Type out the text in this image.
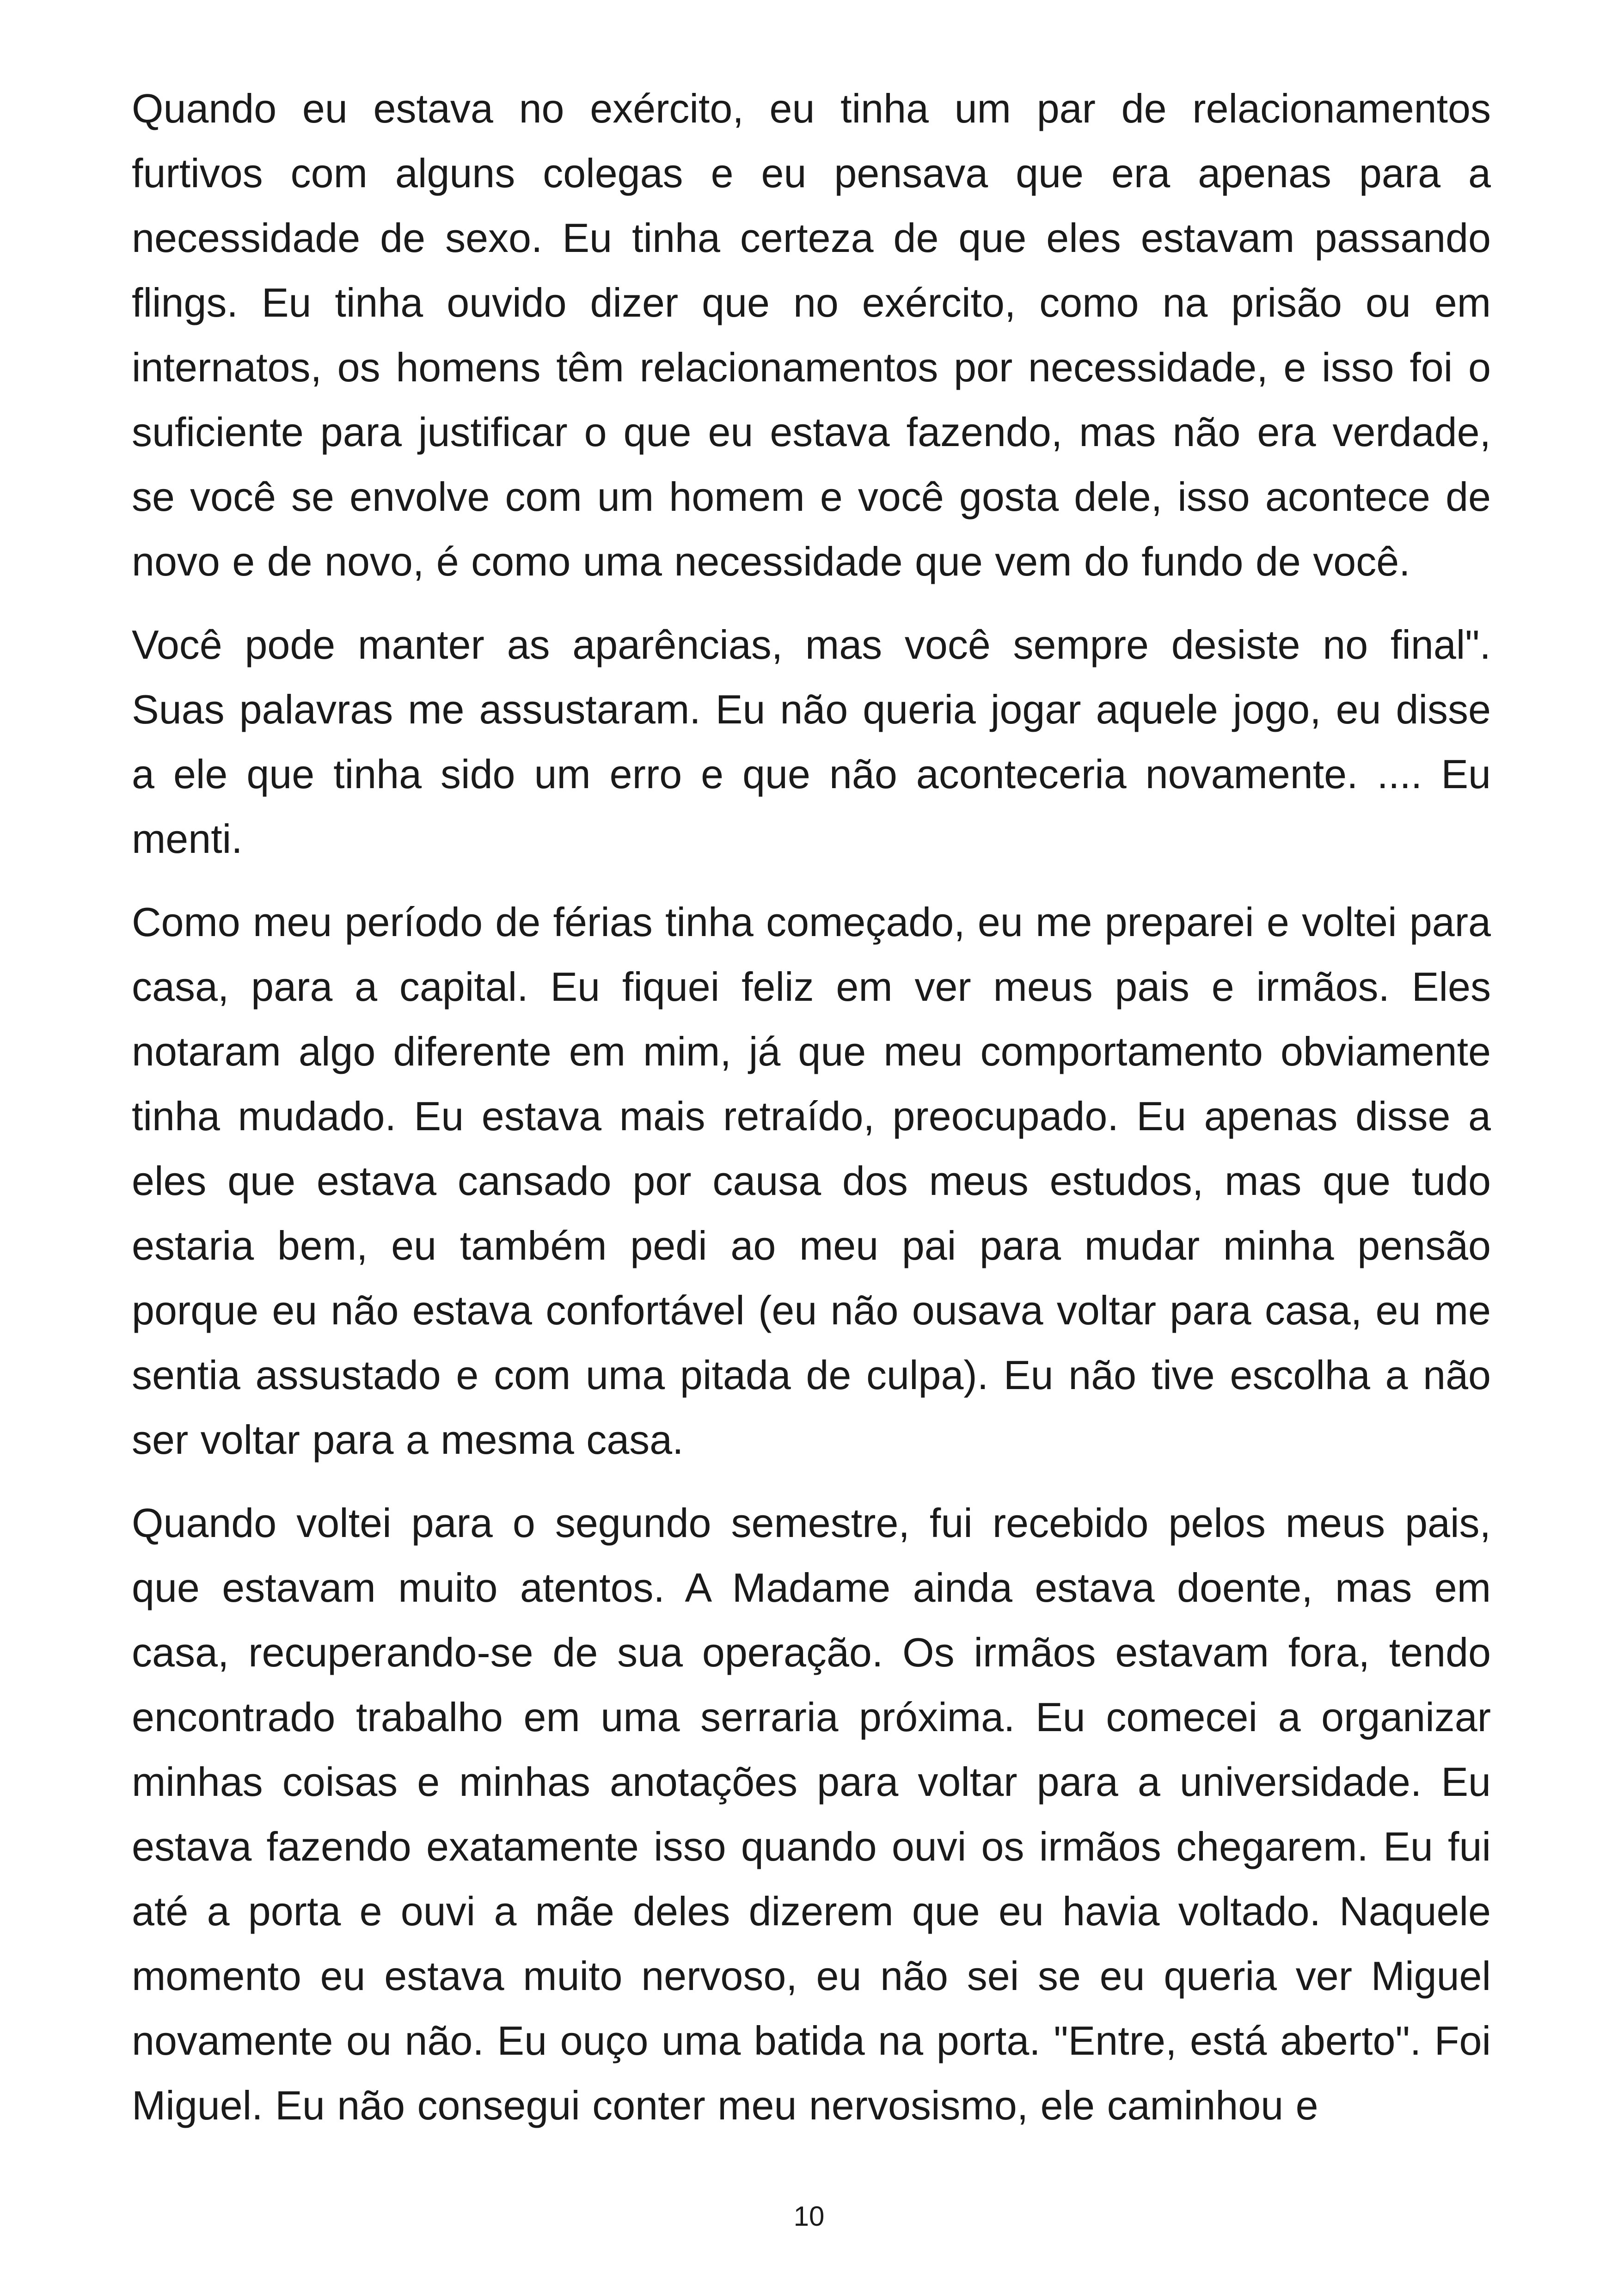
Quando eu estava no exército, eu tinha um par de relacionamentos furtivos com alguns colegas e eu pensava que era apenas para a necessidade de sexo. Eu tinha certeza de que eles estavam passando flings. Eu tinha ouvido dizer que no exército, como na prisão ou em internatos, os homens têm relacionamentos por necessidade, e isso foi o suficiente para justificar o que eu estava fazendo, mas não era verdade, se você se envolve com um homem e você gosta dele, isso acontece de novo e de novo, é como uma necessidade que vem do fundo de você.

Você pode manter as aparências, mas você sempre desiste no final". Suas palavras me assustaram. Eu não queria jogar aquele jogo, eu disse a ele que tinha sido um erro e que não aconteceria novamente. .... Eu menti.

Como meu período de férias tinha começado, eu me preparei e voltei para casa, para a capital. Eu fiquei feliz em ver meus pais e irmãos. Eles notaram algo diferente em mim, já que meu comportamento obviamente tinha mudado. Eu estava mais retraído, preocupado. Eu apenas disse a eles que estava cansado por causa dos meus estudos, mas que tudo estaria bem, eu também pedi ao meu pai para mudar minha pensão porque eu não estava confortável (eu não ousava voltar para casa, eu me sentia assustado e com uma pitada de culpa). Eu não tive escolha a não ser voltar para a mesma casa.

Quando voltei para o segundo semestre, fui recebido pelos meus pais, que estavam muito atentos. A Madame ainda estava doente, mas em casa, recuperando-se de sua operação. Os irmãos estavam fora, tendo encontrado trabalho em uma serraria próxima. Eu comecei a organizar minhas coisas e minhas anotações para voltar para a universidade. Eu estava fazendo exatamente isso quando ouvi os irmãos chegarem. Eu fui até a porta e ouvi a mãe deles dizerem que eu havia voltado. Naquele momento eu estava muito nervoso, eu não sei se eu queria ver Miguel novamente ou não. Eu ouço uma batida na porta. "Entre, está aberto". Foi Miguel. Eu não consegui conter meu nervosismo, ele caminhou e

10
